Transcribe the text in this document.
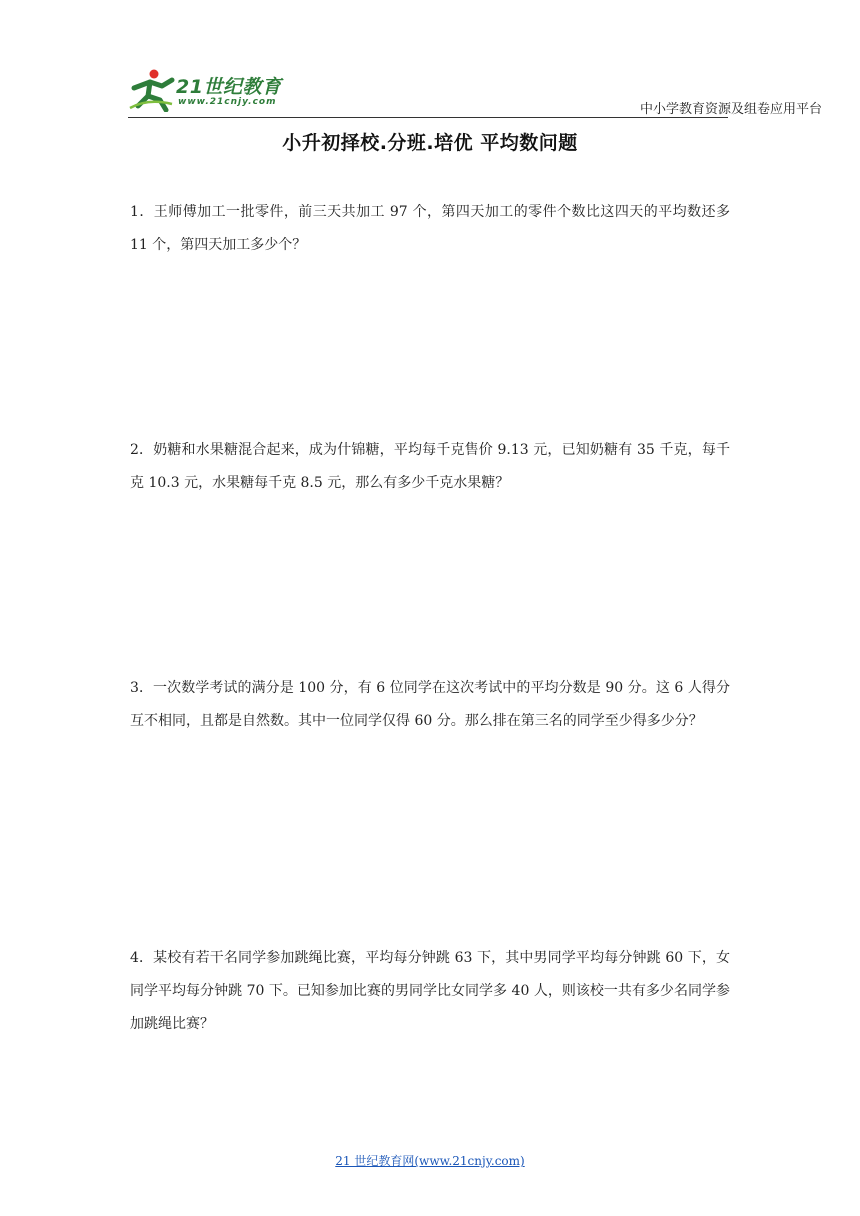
21世纪教育
www.21cnjy.com	中小学教育资源及组卷应用平台
小升初择校.分班.培优 平均数问题
1．王师傅加工一批零件，前三天共加工 97 个，第四天加工的零件个数比这四天的平均数还多 11 个，第四天加工多少个？
2．奶糖和水果糖混合起来，成为什锦糖，平均每千克售价 9.13 元，已知奶糖有 35 千克，每千克 10.3 元，水果糖每千克 8.5 元，那么有多少千克水果糖？
3．一次数学考试的满分是 100 分，有 6 位同学在这次考试中的平均分数是 90 分。这 6 人得分互不相同，且都是自然数。其中一位同学仅得 60 分。那么排在第三名的同学至少得多少分？
4．某校有若干名同学参加跳绳比赛，平均每分钟跳 63 下，其中男同学平均每分钟跳 60 下，女同学平均每分钟跳 70 下。已知参加比赛的男同学比女同学多 40 人，则该校一共有多少名同学参加跳绳比赛？
21 世纪教育网(www.21cnjy.com)
